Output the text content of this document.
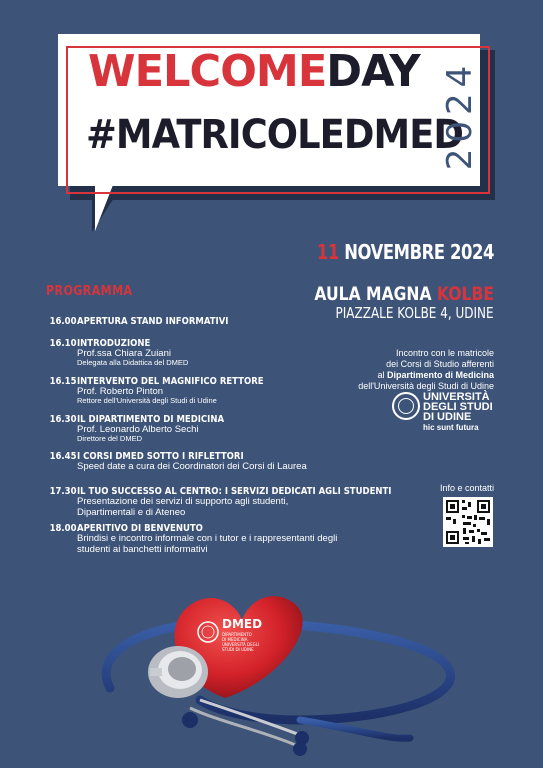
WELCOMEDAY
#MATRICOLEDMED
2024
11 NOVEMBRE 2024
AULA MAGNA KOLBE
PIAZZALE KOLBE 4, UDINE
Incontro con le matricole
dei Corsi di Studio afferenti
al Dipartimento di Medicina
dell'Università degli Studi di Udine
UNIVERSITÀ
DEGLI STUDI
DI UDINE
hic sunt futura
PROGRAMMA
16.00 APERTURA STAND INFORMATIVI
16.10 INTRODUZIONE
Prof.ssa Chiara Zuiani
Delegata alla Didattica del DMED
16.15 INTERVENTO DEL MAGNIFICO RETTORE
Prof. Roberto Pinton
Rettore dell'Università degli Studi di Udine
16.30 IL DIPARTIMENTO DI MEDICINA
Prof. Leonardo Alberto Sechi
Direttore del DMED
16.45 I CORSI DMED SOTTO I RIFLETTORI
Speed date a cura dei Coordinatori dei Corsi di Laurea
17.30 IL TUO SUCCESSO AL CENTRO: I SERVIZI DEDICATI AGLI STUDENTI
Presentazione dei servizi di supporto agli studenti, Dipartimentali e di Ateneo
18.00 APERITIVO DI BENVENUTO
Brindisi e incontro informale con i tutor e i rappresentanti degli studenti ai banchetti informativi
Info e contatti
DMED
DIPARTIMENTO
DI MEDICINA
UNIVERSITÀ DEGLI
STUDI DI UDINE
